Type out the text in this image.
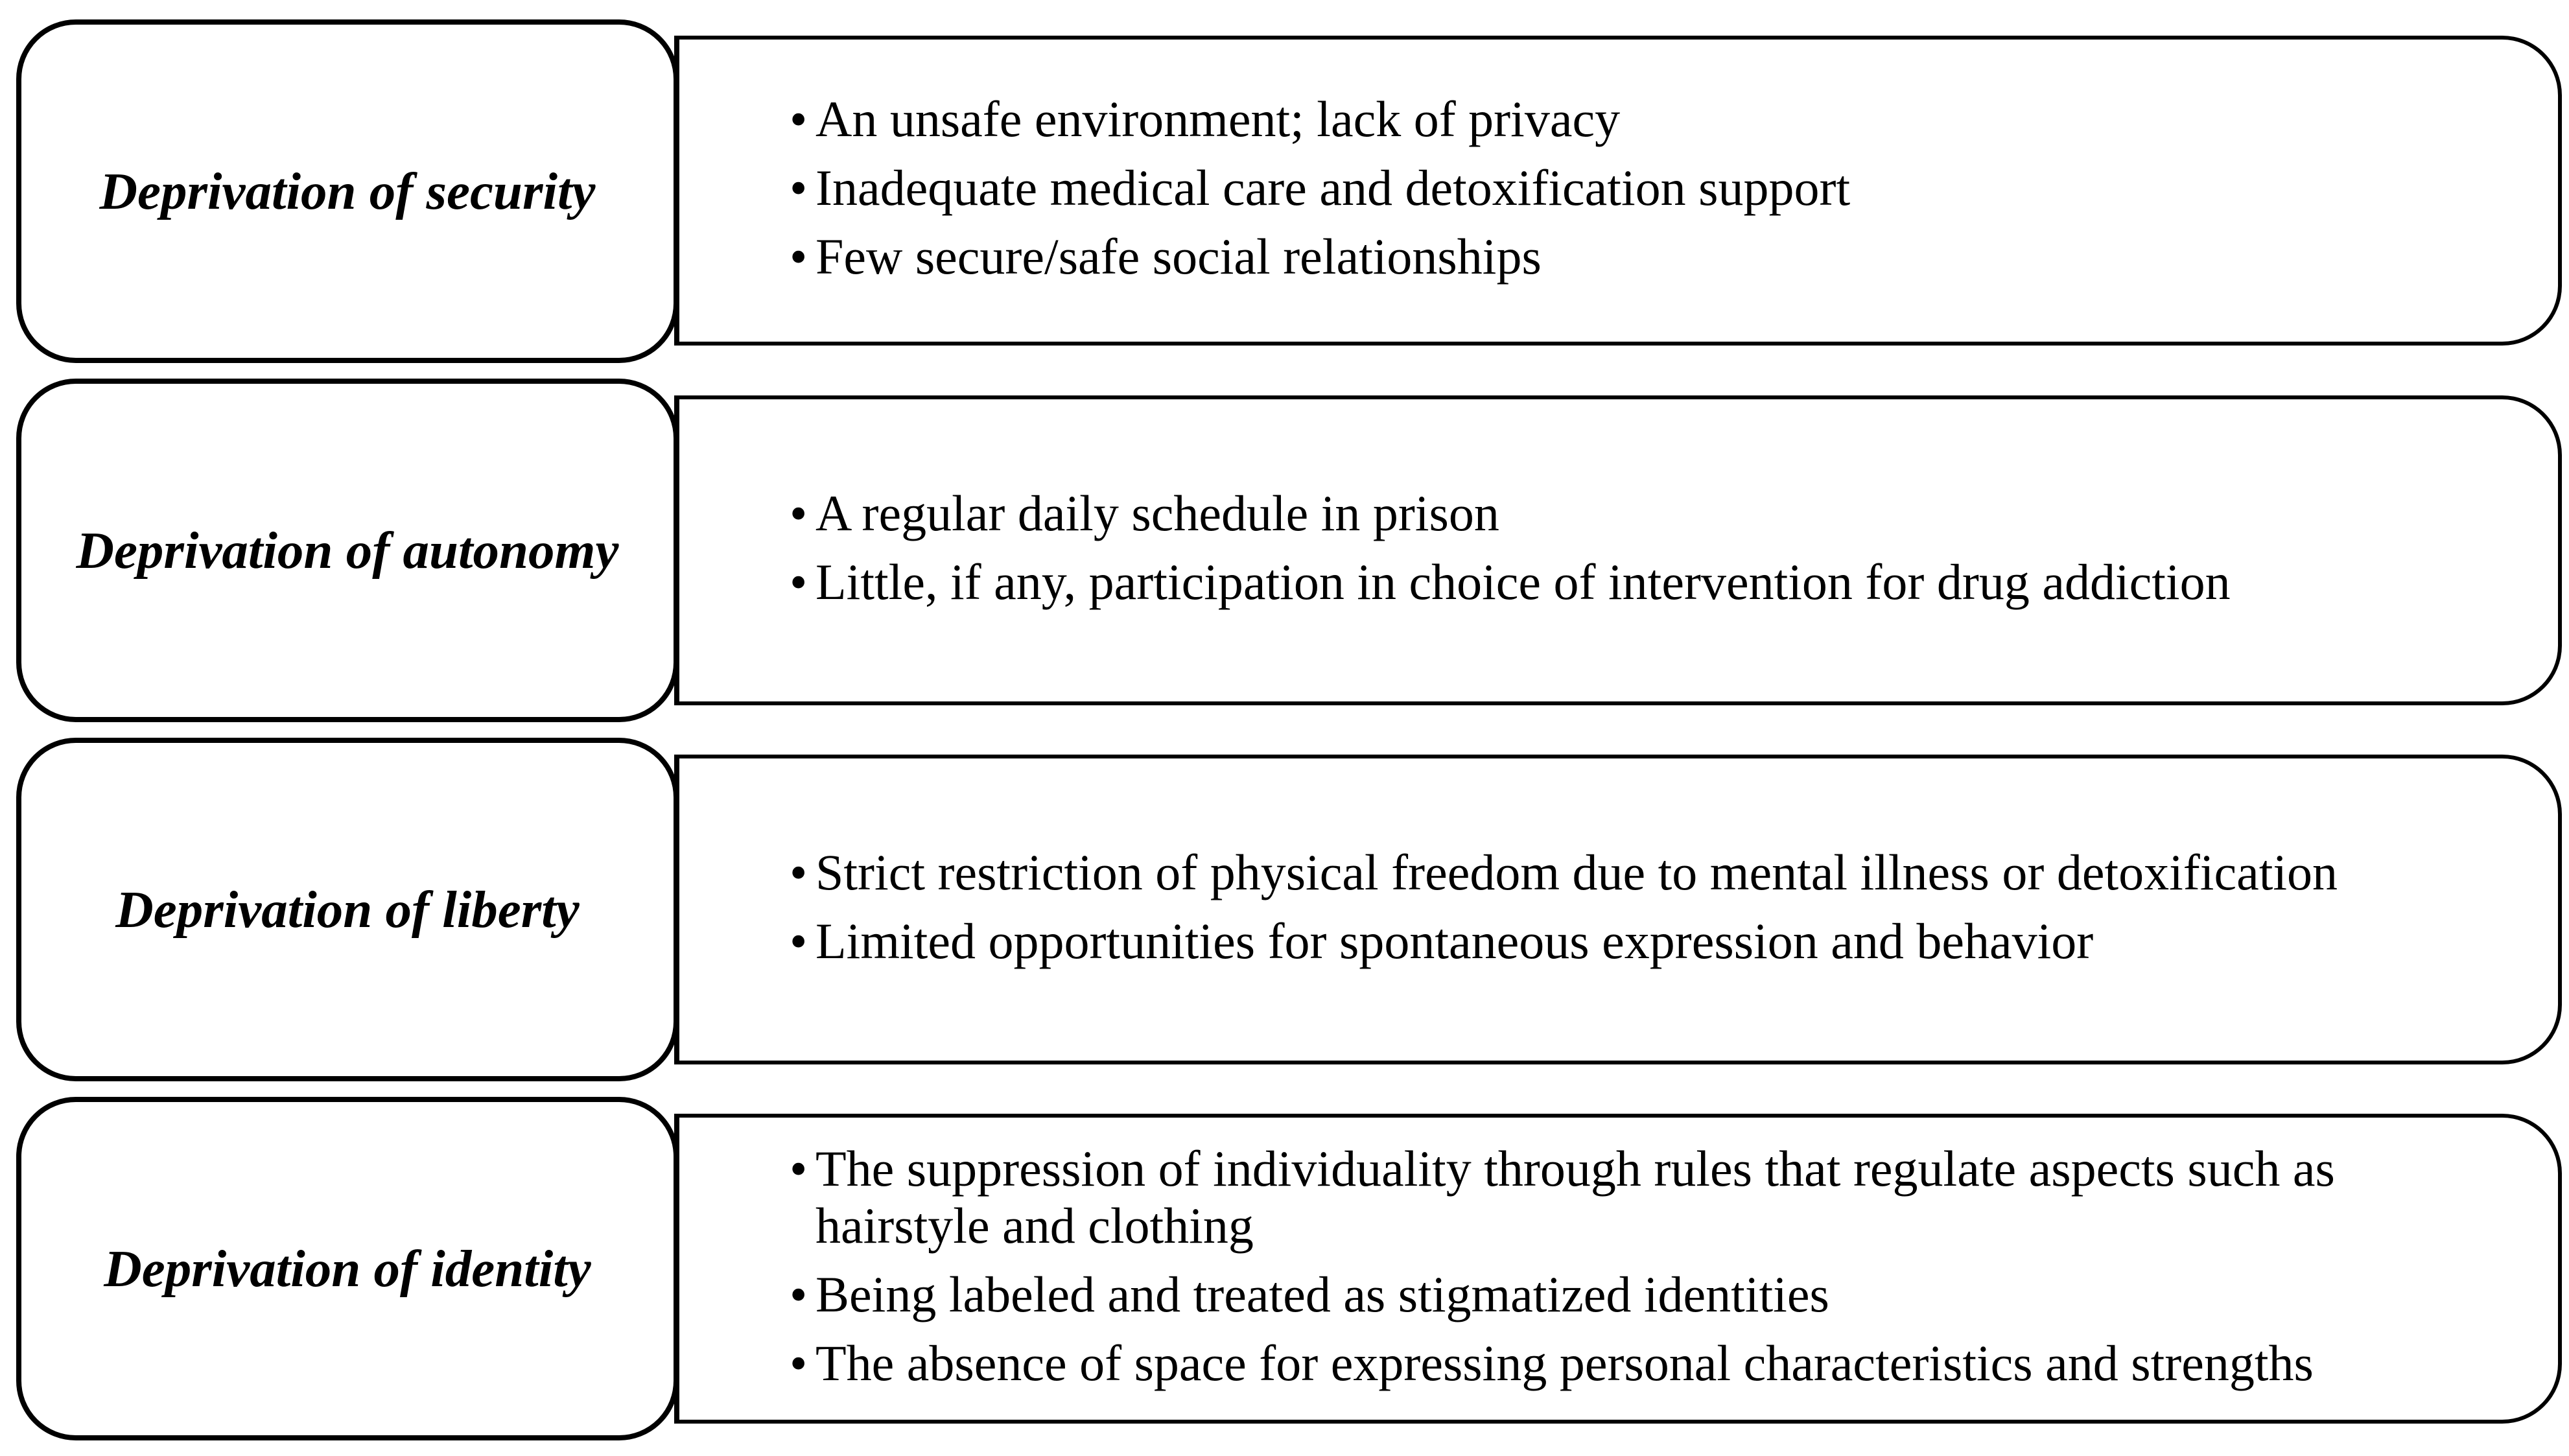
Deprivation of security
• An unsafe environment; lack of privacy
• Inadequate medical care and detoxification support
• Few secure/safe social relationships
Deprivation of autonomy
• A regular daily schedule in prison
• Little, if any, participation in choice of intervention for drug addiction
Deprivation of liberty
• Strict restriction of physical freedom due to mental illness or detoxification
• Limited opportunities for spontaneous expression and behavior
Deprivation of identity
• The suppression of individuality through rules that regulate aspects such as hairstyle and clothing
• Being labeled and treated as stigmatized identities
• The absence of space for expressing personal characteristics and strengths
